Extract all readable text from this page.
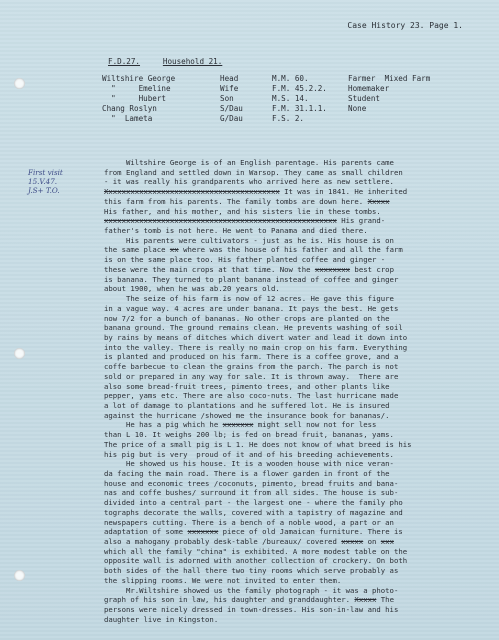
Case History 23. Page 1.
F.D.27.	Household 21.
Wiltshire George	Head	M.M. 60.	Farmer  Mixed Farm
"     Emeline	Wife	F.M. 45.2.2.	Homemaker
"     Hubert	Son	M.S. 14.	Student
Chang Roslyn	S/Dau	F.M. 31.1.1.	None
"  Lameta	G/Dau	F.S. 2.
First visit
15.V.47.
J.S+ T.O.
Wiltshire George is of an English parentage. His parents came
from England and settled down in Warsop. They came as small children
- it was really his grandparents who arrived here as new settlere.
Xxxxxxxxxxxxxxxxxxxxxxxxxxxxxxxxxxxxxxxx It was in 1841. He inherited
this farm from his parents. The family tombs are down here. Xxxxx
His father, and his mother, and his sisters lie in these tombs.
xxxxxxxxxxxxxxxxxxxxxxxxxxxxxxxxxxxxxxxxxxxxxxxxxxxxx His grand-
father's tomb is not here. He went to Panama and died there.
His parents were cultivators - just as he is. His house is on
the same place xx where was the house of his father and all the farm
is on the same place too. His father planted coffee and ginger -
these were the main crops at that time. Now the xxxxxxxx best crop
is banana. They turned to plant banana instead of coffee and ginger
about 1900, when he was ab.20 years old.
The seize of his farm is now of 12 acres. He gave this figure
in a vague way. 4 acres are under banana. It pays the best. He gets
now 7/2 for a bunch of bananas. No other crops are planted on the
banana ground. The ground remains clean. He prevents washing of soil
by rains by means of ditches which divert water and lead it down into
into the valley. There is really no main crop on his farm. Everything
is planted and produced on his farm. There is a coffee grove, and a
coffe barbecue to clean the grains from the parch. The parch is not
sold or prepared in any way for sale. It is thrown away.  There are
also some bread-fruit trees, pimento trees, and other plants like
pepper, yams etc. There are also coco-nuts. The last hurricane made
a lot of damage to plantations and he suffered lot. He is insured
against the hurricane /showed me the insurance book for bananas/.
He has a pig which he xxxxxxx might sell now not for less
than L 10. It weighs 200 lb; is fed on bread fruit, bananas, yams.
The price of a small pig is L 1. He does not know of what breed is his
his pig but is very  proud of it and of his breeding achievements.
He showed us his house. It is a wooden house with nice veran-
da facing the main road. There is a flower garden in front of the
house and economic trees /coconuts, pimento, bread fruits and bana-
nas and coffe bushes/ surround it from all sides. The house is sub-
divided into a central part - the largest one - where the family pho
tographs decorate the walls, covered with a tapistry of magazine and
newspapers cutting. There is a bench of a noble wood, a part or an
adaptation of some xxxxxxx piece of old Jamaican furniture. There is
also a mahogany probably desk-table /bureaux/ covered xxxxx on xxx
which all the family "china" is exhibited. A more modest table on the
opposite wall is adorned with another collection of crockery. On both
both sides of the hall there two tiny rooms which serve probably as
the slipping rooms. We were not invited to enter them.
Mr.Wiltshire showed us the family photograph - it was a photo-
graph of his son in law, his daughter and granddaughter. Xxxxx The
persons were nicely dressed in town-dresses. His son-in-law and his
daughter live in Kingston.
